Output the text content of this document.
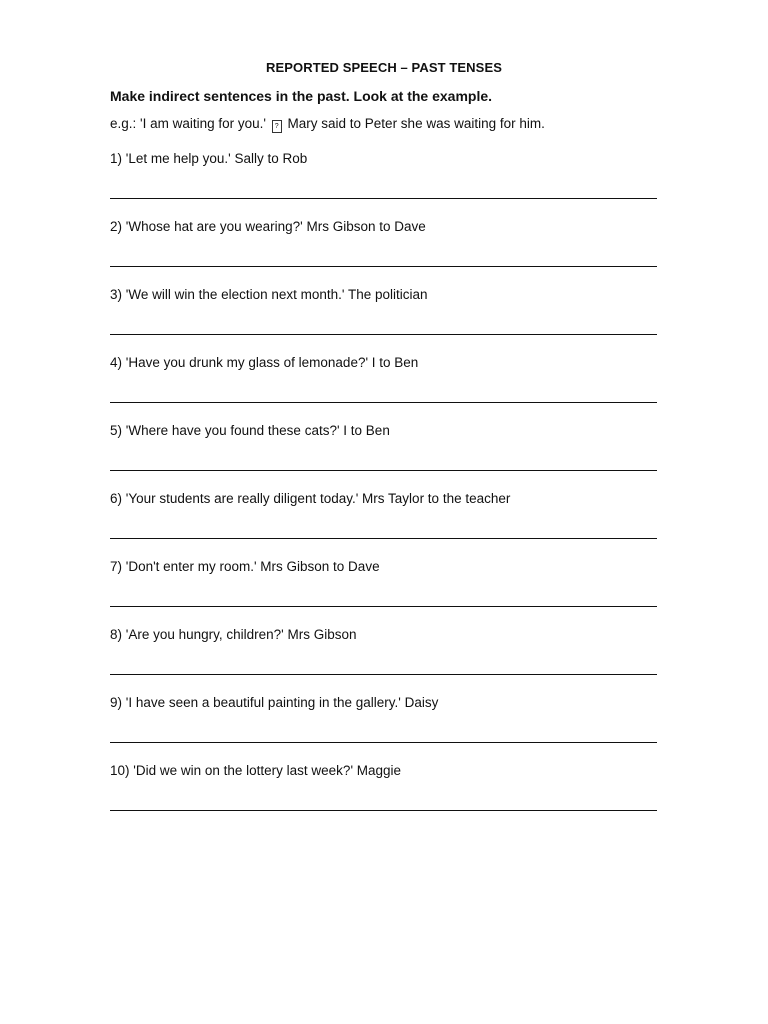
REPORTED SPEECH – PAST TENSES
Make indirect sentences in the past. Look at the example.
e.g.: 'I am waiting for you.' ? Mary said to Peter she was waiting for him.
1) 'Let me help you.' Sally to Rob
2) 'Whose hat are you wearing?' Mrs Gibson to Dave
3) 'We will win the election next month.' The politician
4) 'Have you drunk my glass of lemonade?' I to Ben
5) 'Where have you found these cats?' I to Ben
6) 'Your students are really diligent today.' Mrs Taylor to the teacher
7) 'Don't enter my room.' Mrs Gibson to Dave
8) 'Are you hungry, children?' Mrs Gibson
9) 'I have seen a beautiful painting in the gallery.' Daisy
10) 'Did we win on the lottery last week?' Maggie
